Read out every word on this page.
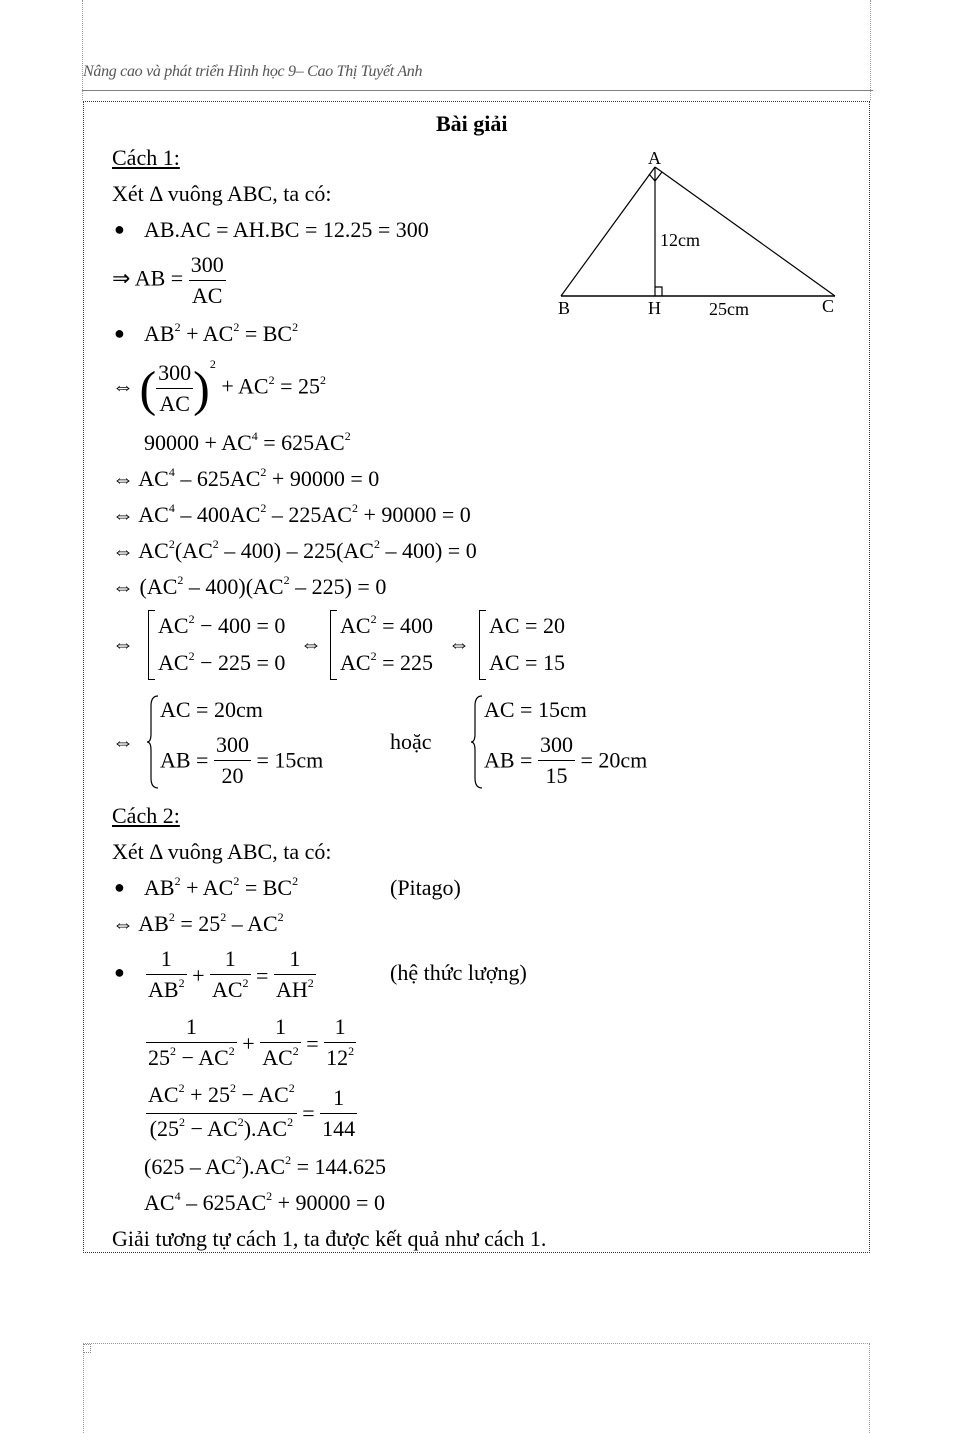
Nâng cao và phát triển Hình học 9– Cao Thị Tuyết Anh
Bài giải
A
B	H	C
12cm
25cm
Cách 1:
Xét Δ vuông ABC, ta có:
● AB.AC = AH.BC = 12.25 = 300
⇒ AB = $\frac{300}{AC}$
● $AB^2 + AC^2 = BC^2$
⇔ ( $\frac{300}{AC} )^2 + AC^2 = 25^2$
$90000 + AC^4 = 625AC^2$
⇔ $AC^4 - 625AC^2 + 90000 = 0$
⇔ $AC^4 - 400AC^2 - 225AC^2 + 90000 = 0$
⇔ $AC^2(AC^2 - 400) - 225(AC^2 - 400) = 0$
⇔ $(AC^2 - 400)(AC^2 - 225) = 0$
⇔
$AC^2 - 400 = 0$
$AC^2 - 225 = 0$
⇔
$AC^2 = 400$
$AC^2 = 225$
⇔
AC = 20
AC = 15
⇔
AC = 20cm
AB = $\frac{300}{20} = 15cm$
hoặc
AC = 15cm
AB = $\frac{300}{15} = 20cm$
Cách 2:
Xét Δ vuông ABC, ta có:
● $AB^2 + AC^2 = BC^2$	(Pitago)
⇔ $AB^2 = 25^2 - AC^2$
● $\frac{1}{AB^2} + \frac{1}{AC^2} = \frac{1}{AH^2}$	(hệ thức lượng)
$\frac{1}{25^2 - AC^2} + \frac{1}{AC^2} = \frac{1}{12^2}$
$\frac{AC^2 + 25^2 - AC^2}{(25^2 - AC^2).AC^2} = \frac{1}{144}$
$(625 - AC^2).AC^2 = 144.625$
$AC^4 - 625AC^2 + 90000 = 0$
Giải tương tự cách 1, ta được kết quả như cách 1.
